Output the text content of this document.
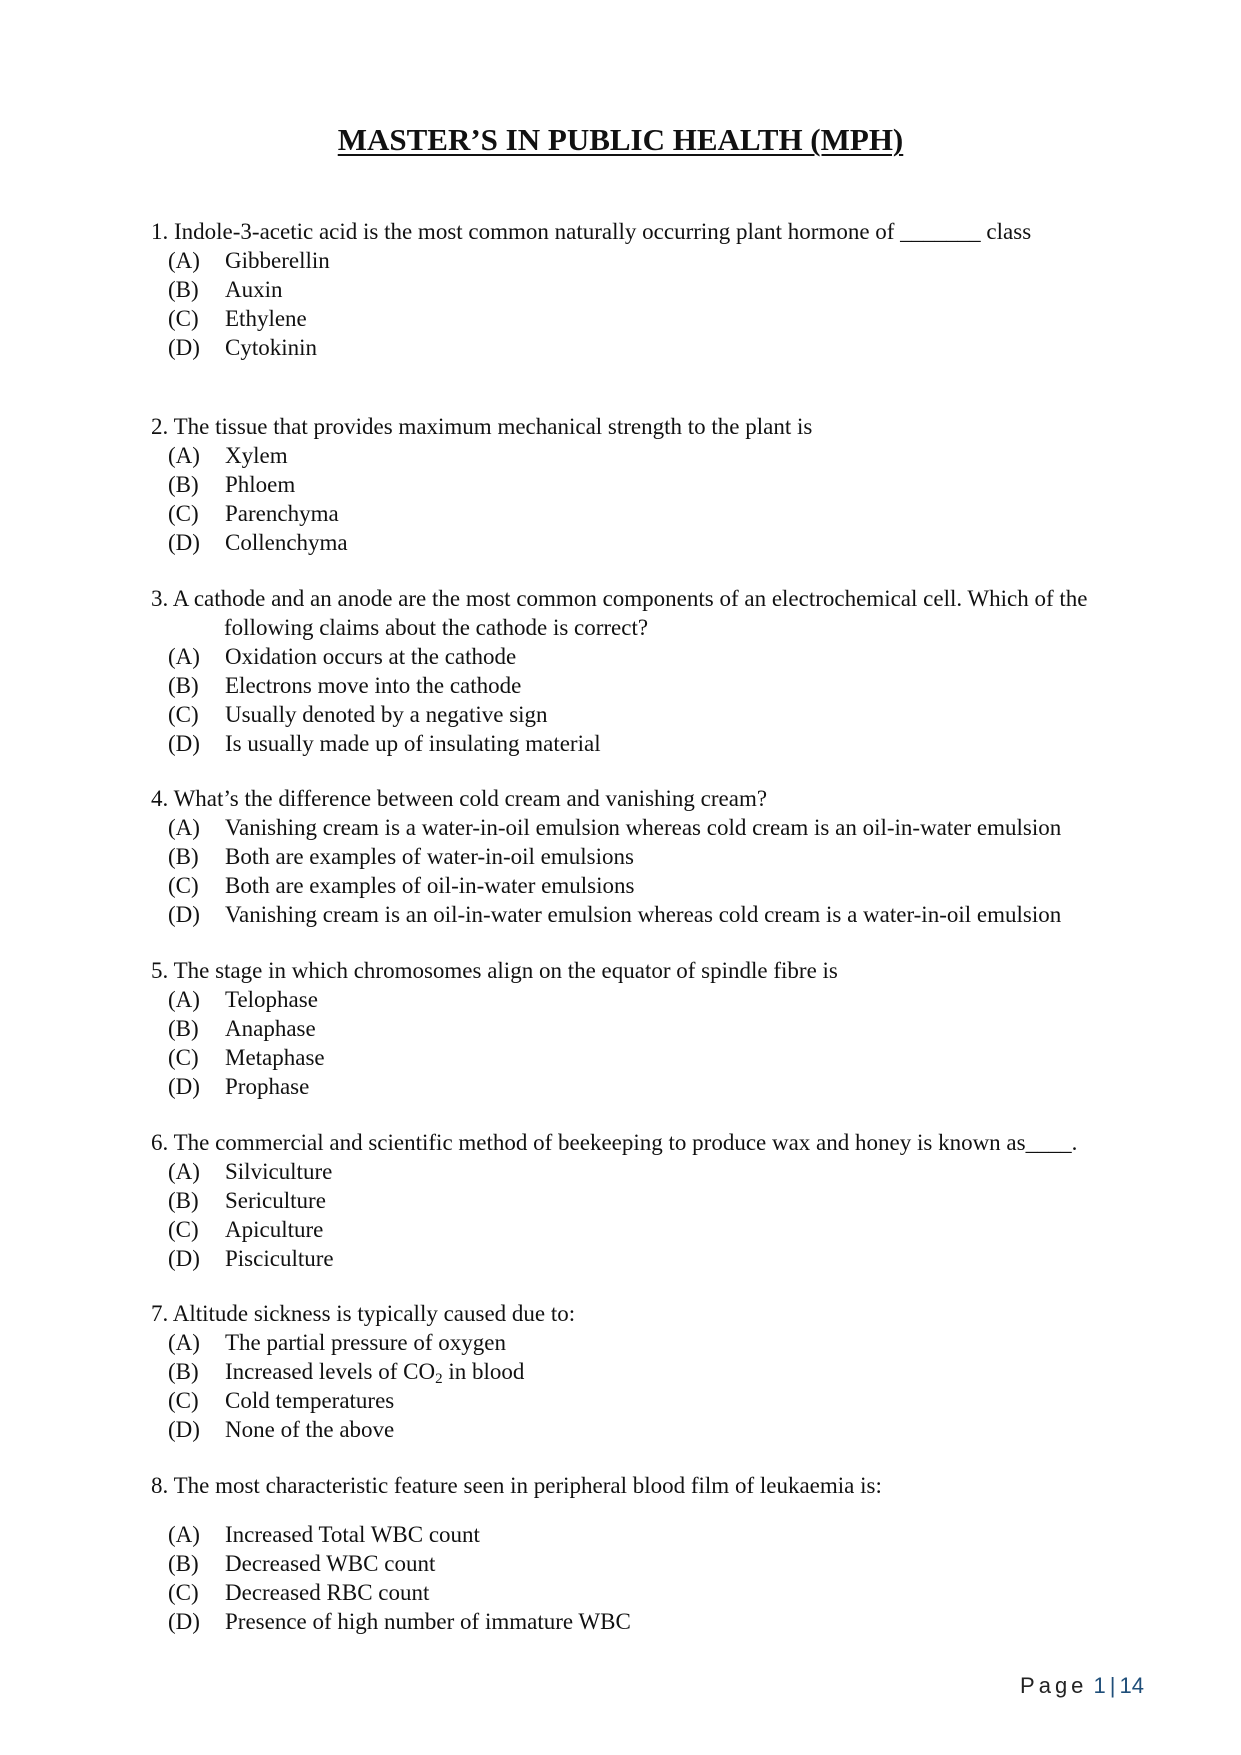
MASTER’S IN PUBLIC HEALTH (MPH)
1. Indole-3-acetic acid is the most common naturally occurring plant hormone of _______ class
(A)	Gibberellin
(B)	Auxin
(C)	Ethylene
(D)	Cytokinin
2. The tissue that provides maximum mechanical strength to the plant is
(A)	Xylem
(B)	Phloem
(C)	Parenchyma
(D)	Collenchyma
3. A cathode and an anode are the most common components of an electrochemical cell. Which of the following claims about the cathode is correct?
(A)	Oxidation occurs at the cathode
(B)	Electrons move into the cathode
(C)	Usually denoted by a negative sign
(D)	Is usually made up of insulating material
4. What’s the difference between cold cream and vanishing cream?
(A)	Vanishing cream is a water-in-oil emulsion whereas cold cream is an oil-in-water emulsion
(B)	Both are examples of water-in-oil emulsions
(C)	Both are examples of oil-in-water emulsions
(D)	Vanishing cream is an oil-in-water emulsion whereas cold cream is a water-in-oil emulsion
5. The stage in which chromosomes align on the equator of spindle fibre is
(A)	Telophase
(B)	Anaphase
(C)	Metaphase
(D)	Prophase
6. The commercial and scientific method of beekeeping to produce wax and honey is known as____.
(A)	Silviculture
(B)	Sericulture
(C)	Apiculture
(D)	Pisciculture
7. Altitude sickness is typically caused due to:
(A)	The partial pressure of oxygen
(B)	Increased levels of $CO_2$ in blood
(C)	Cold temperatures
(D)	None of the above
8. The most characteristic feature seen in peripheral blood film of leukaemia is:
(A)	Increased Total WBC count
(B)	Decreased WBC count
(C)	Decreased RBC count
(D)	Presence of high number of immature WBC
Page 1 | 14
